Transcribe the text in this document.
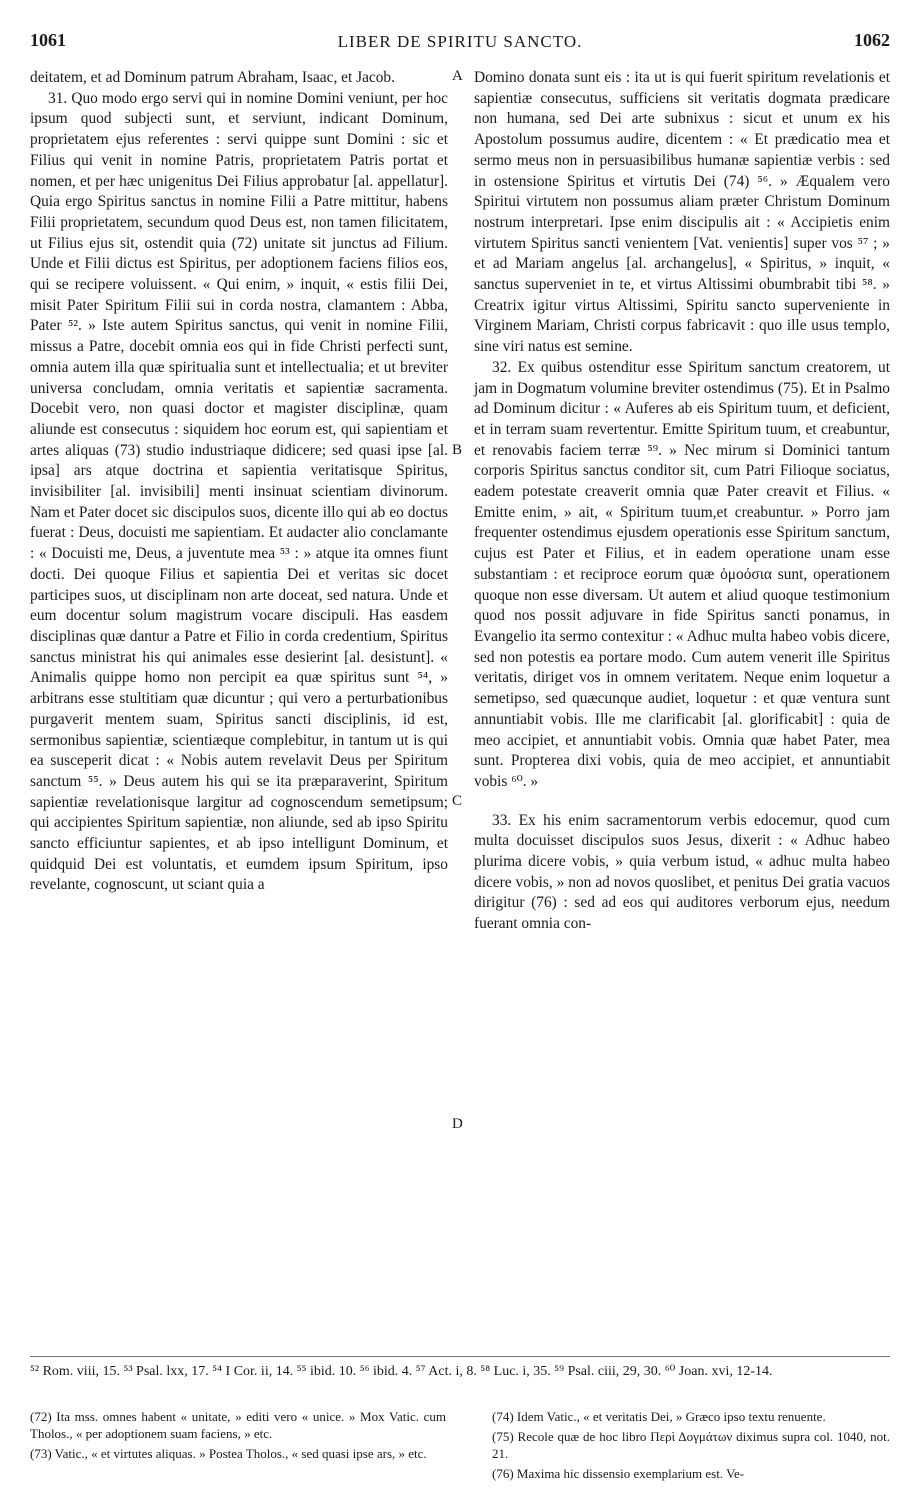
1061	LIBER DE SPIRITU SANCTO.	1062

deitatem, et ad Dominum patrum Abraham, Isaac, et Jacob.

31. Quo modo ergo servi qui in nomine Domini veniunt, per hoc ipsum quod subjecti sunt, et serviunt, indicant Dominum, proprietatem ejus referentes : servi quippe sunt Domini : sic et Filius qui venit in nomine Patris, proprietatem Patris portat et nomen, et per hæc unigenitus Dei Filius approbatur [al. appellatur]. Quia ergo Spiritus sanctus in nomine Filii a Patre mittitur, habens Filii proprietatem, secundum quod Deus est, non tamen filicitatem, ut Filius ejus sit, ostendit quia (72) unitate sit junctus ad Filium. Unde et Filii dictus est Spiritus, per adoptionem faciens filios eos, qui se recipere voluissent. « Qui enim, » inquit, « estis filii Dei, misit Pater Spiritum Filii sui in corda nostra, clamantem : Abba, Pater ⁵². » Iste autem Spiritus sanctus, qui venit in nomine Filii, missus a Patre, docebit omnia eos qui in fide Christi perfecti sunt, omnia autem illa quæ spiritualia sunt et intellectualia; et ut breviter universa concludam, omnia veritatis et sapientiæ sacramenta. Docebit vero, non quasi doctor et magister disciplinæ, quam aliunde est consecutus : siquidem hoc eorum est, qui sapientiam et artes aliquas (73) studio industriaque didicere; sed quasi ipse [al. ipsa] ars atque doctrina et sapientia veritatisque Spiritus, invisibiliter [al. invisibili] menti insinuat scientiam divinorum. Nam et Pater docet sic discipulos suos, dicente illo qui ab eo doctus fuerat : Deus, docuisti me sapientiam. Et audacter alio conclamante : « Docuisti me, Deus, a juventute mea ⁵³ : » atque ita omnes fiunt docti. Dei quoque Filius et sapientia Dei et veritas sic docet participes suos, ut disciplinam non arte doceat, sed natura. Unde et eum docentur solum magistrum vocare discipuli. Has easdem disciplinas quæ dantur a Patre et Filio in corda credentium, Spiritus sanctus ministrat his qui animales esse desierint [al. desistunt]. « Animalis quippe homo non percipit ea quæ spiritus sunt ⁵⁴, » arbitrans esse stultitiam quæ dicuntur ; qui vero a perturbationibus purgaverit mentem suam, Spiritus sancti disciplinis, id est, sermonibus sapientiæ, scientiæque complebitur, in tantum ut is qui ea susceperit dicat : « Nobis autem revelavit Deus per Spiritum sanctum ⁵⁵. » Deus autem his qui se ita præparaverint, Spiritum sapientiæ revelationisque largitur ad cognoscendum semetipsum; qui accipientes Spiritum sapientiæ, non aliunde, sed ab ipso Spiritu sancto efficiuntur sapientes, et ab ipso intelligunt Dominum, et quidquid Dei est voluntatis, et eumdem ipsum Spiritum, ipso revelante, cognoscunt, ut sciant quia a

A
B
C
D

Domino donata sunt eis : ita ut is qui fuerit spiritum revelationis et sapientiæ consecutus, sufficiens sit veritatis dogmata prædicare non humana, sed Dei arte subnixus : sicut et unum ex his Apostolum possumus audire, dicentem : « Et prædicatio mea et sermo meus non in persuasibilibus humanæ sapientiæ verbis : sed in ostensione Spiritus et virtutis Dei (74) ⁵⁶. » Æqualem vero Spiritui virtutem non possumus aliam præter Christum Dominum nostrum interpretari. Ipse enim discipulis ait : « Accipietis enim virtutem Spiritus sancti venientem [Vat. venientis] super vos ⁵⁷ ; » et ad Mariam angelus [al. archangelus], « Spiritus, » inquit, « sanctus superveniet in te, et virtus Altissimi obumbrabit tibi ⁵⁸. » Creatrix igitur virtus Altissimi, Spiritu sancto superveniente in Virginem Mariam, Christi corpus fabricavit : quo ille usus templo, sine viri natus est semine.

32. Ex quibus ostenditur esse Spiritum sanctum creatorem, ut jam in Dogmatum volumine breviter ostendimus (75). Et in Psalmo ad Dominum dicitur : « Auferes ab eis Spiritum tuum, et deficient, et in terram suam revertentur. Emitte Spiritum tuum, et creabuntur, et renovabis faciem terræ ⁵⁹. » Nec mirum si Dominici tantum corporis Spiritus sanctus conditor sit, cum Patri Filioque sociatus, eadem potestate creaverit omnia quæ Pater creavit et Filius. « Emitte enim, » ait, « Spiritum tuum,et creabuntur. » Porro jam frequenter ostendimus ejusdem operationis esse Spiritum sanctum, cujus est Pater et Filius, et in eadem operatione unam esse substantiam : et reciproce eorum quæ ὁμοόσια sunt, operationem quoque non esse diversam. Ut autem et aliud quoque testimonium quod nos possit adjuvare in fide Spiritus sancti ponamus, in Evangelio ita sermo contexitur : « Adhuc multa habeo vobis dicere, sed non potestis ea portare modo. Cum autem venerit ille Spiritus veritatis, diriget vos in omnem veritatem. Neque enim loquetur a semetipso, sed quæcunque audiet, loquetur : et quæ ventura sunt annuntiabit vobis. Ille me clarificabit [al. glorificabit] : quia de meo accipiet, et annuntiabit vobis. Omnia quæ habet Pater, mea sunt. Propterea dixi vobis, quia de meo accipiet, et annuntiabit vobis ⁶⁰. »

33. Ex his enim sacramentorum verbis edocemur, quod cum multa docuisset discipulos suos Jesus, dixerit : « Adhuc habeo plurima dicere vobis, » quia verbum istud, « adhuc multa habeo dicere vobis, » non ad novos quoslibet, et penitus Dei gratia vacuos dirigitur (76) : sed ad eos qui auditores verborum ejus, needum fuerant omnia con-

⁵² Rom. viii, 15. ⁵³ Psal. lxx, 17. ⁵⁴ I Cor. ii, 14. ⁵⁵ ibid. 10. ⁵⁶ ibid. 4. ⁵⁷ Act. i, 8. ⁵⁸ Luc. i, 35. ⁵⁹ Psal. ciii, 29, 30. ⁶⁰ Joan. xvi, 12-14.

(72) Ita mss. omnes habent « unitate, » editi vero « unice. » Mox Vatic. cum Tholos., « per adoptionem suam faciens, » etc.

(73) Vatic., « et virtutes aliquas. » Postea Tholos., « sed quasi ipse ars, » etc.

(74) Idem Vatic., « et veritatis Dei, » Græco ipso textu renuente.

(75) Recole quæ de hoc libro Περὶ Δογμάτων diximus supra col. 1040, not. 21.

(76) Maxima hic dissensio exemplarium est. Ve-
